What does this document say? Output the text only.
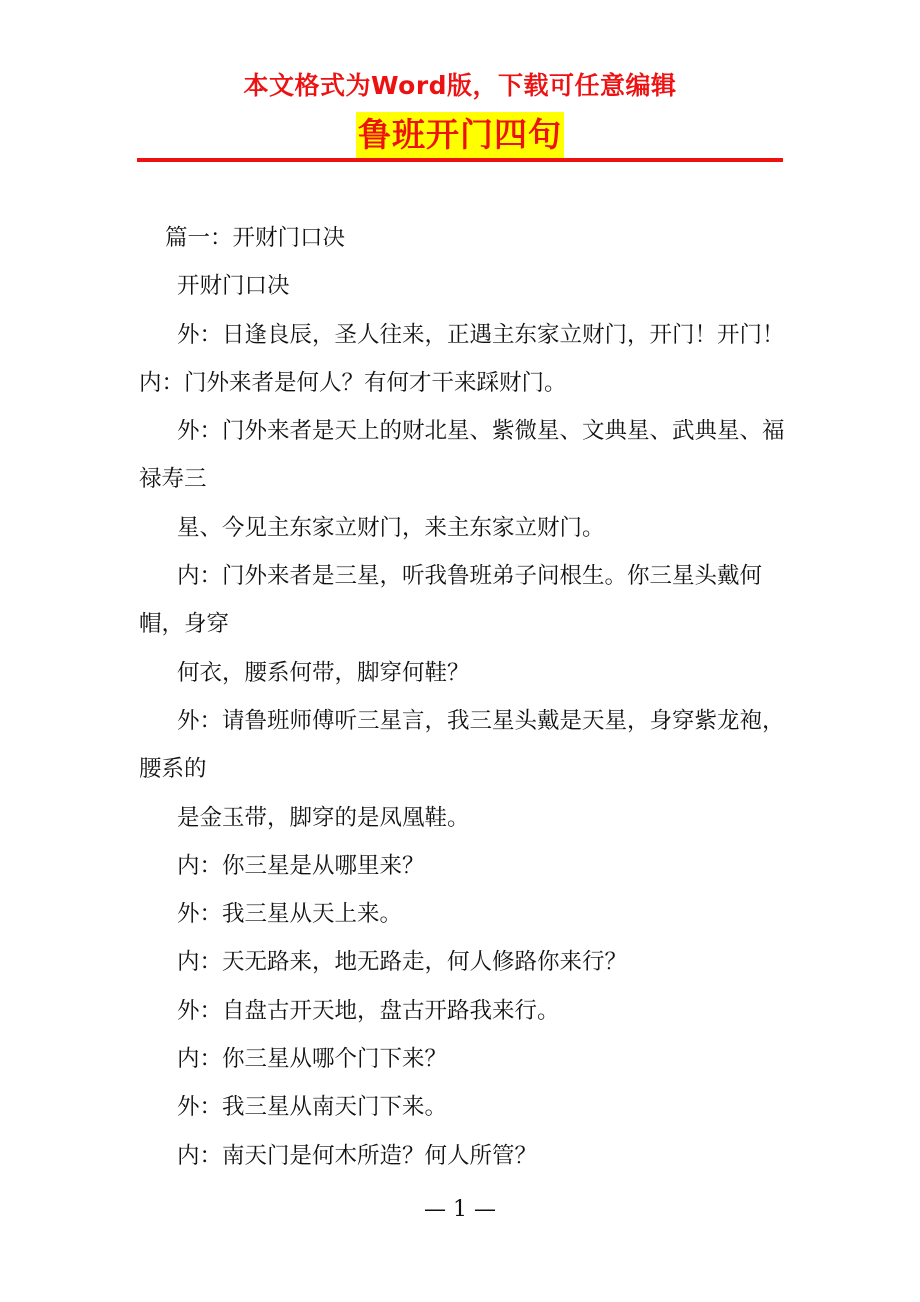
本文格式为Word版，下载可任意编辑
鲁班开门四句

篇一：开财门口决

开财门口决

外：日逢良辰，圣人往来，正遇主东家立财门，开门！开门！ 内：门外来者是何人？有何才干来踩财门。

外：门外来者是天上的财北星、紫微星、文典星、武典星、福禄寿三

星、今见主东家立财门，来主东家立财门。

内：门外来者是三星，听我鲁班弟子问根生。你三星头戴何帽，身穿

何衣，腰系何带，脚穿何鞋？

外：请鲁班师傅听三星言，我三星头戴是天星，身穿紫龙袍，腰系的

是金玉带，脚穿的是凤凰鞋。

内：你三星是从哪里来？

外：我三星从天上来。

内：天无路来，地无路走，何人修路你来行？

外：自盘古开天地，盘古开路我来行。

内：你三星从哪个门下来？

外：我三星从南天门下来。

内：南天门是何木所造？何人所管？

— 1 —
